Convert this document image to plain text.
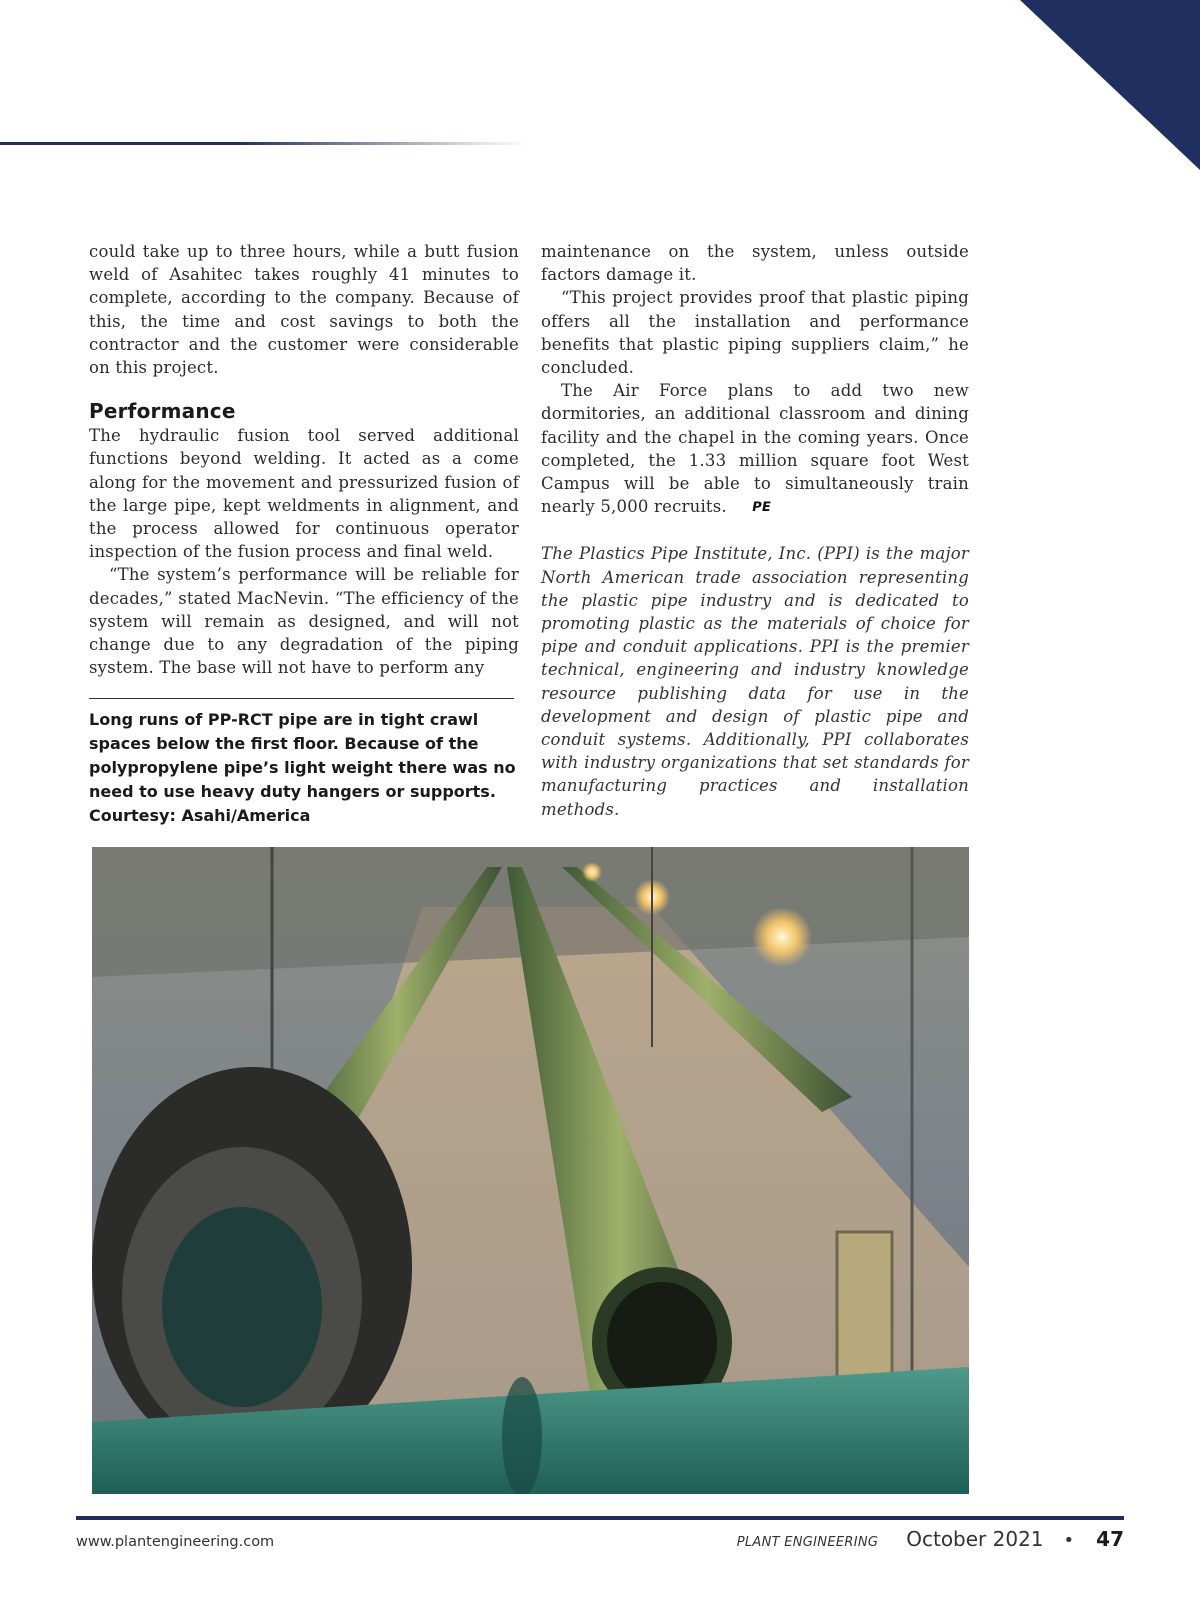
could take up to three hours, while a butt fusion weld of Asahitec takes roughly 41 minutes to complete, according to the company. Because of this, the time and cost savings to both the contractor and the customer were considerable on this project.

Performance

The hydraulic fusion tool served additional functions beyond welding. It acted as a come along for the movement and pressurized fusion of the large pipe, kept weldments in alignment, and the process allowed for continuous operator inspection of the fusion process and final weld.

“The system’s performance will be reliable for decades,” stated MacNevin. “The efficiency of the system will remain as designed, and will not change due to any degradation of the piping system. The base will not have to perform any

maintenance on the system, unless outside factors damage it.

“This project provides proof that plastic piping offers all the installation and performance benefits that plastic piping suppliers claim,” he concluded.

The Air Force plans to add two new dormitories, an additional classroom and dining facility and the chapel in the coming years. Once completed, the 1.33 million square foot West Campus will be able to simultaneously train nearly 5,000 recruits. PE

The Plastics Pipe Institute, Inc. (PPI) is the major North American trade association representing the plastic pipe industry and is dedicated to promoting plastic as the materials of choice for pipe and conduit applications. PPI is the premier technical, engineering and industry knowledge resource publishing data for use in the development and design of plastic pipe and conduit systems. Additionally, PPI collaborates with industry organizations that set standards for manufacturing practices and installation methods.

Long runs of PP-RCT pipe are in tight crawl spaces below the first floor. Because of the polypropylene pipe’s light weight there was no need to use heavy duty hangers or supports. Courtesy: Asahi/America

www.plantengineering.com	PLANT ENGINEERING October 2021 • 47
